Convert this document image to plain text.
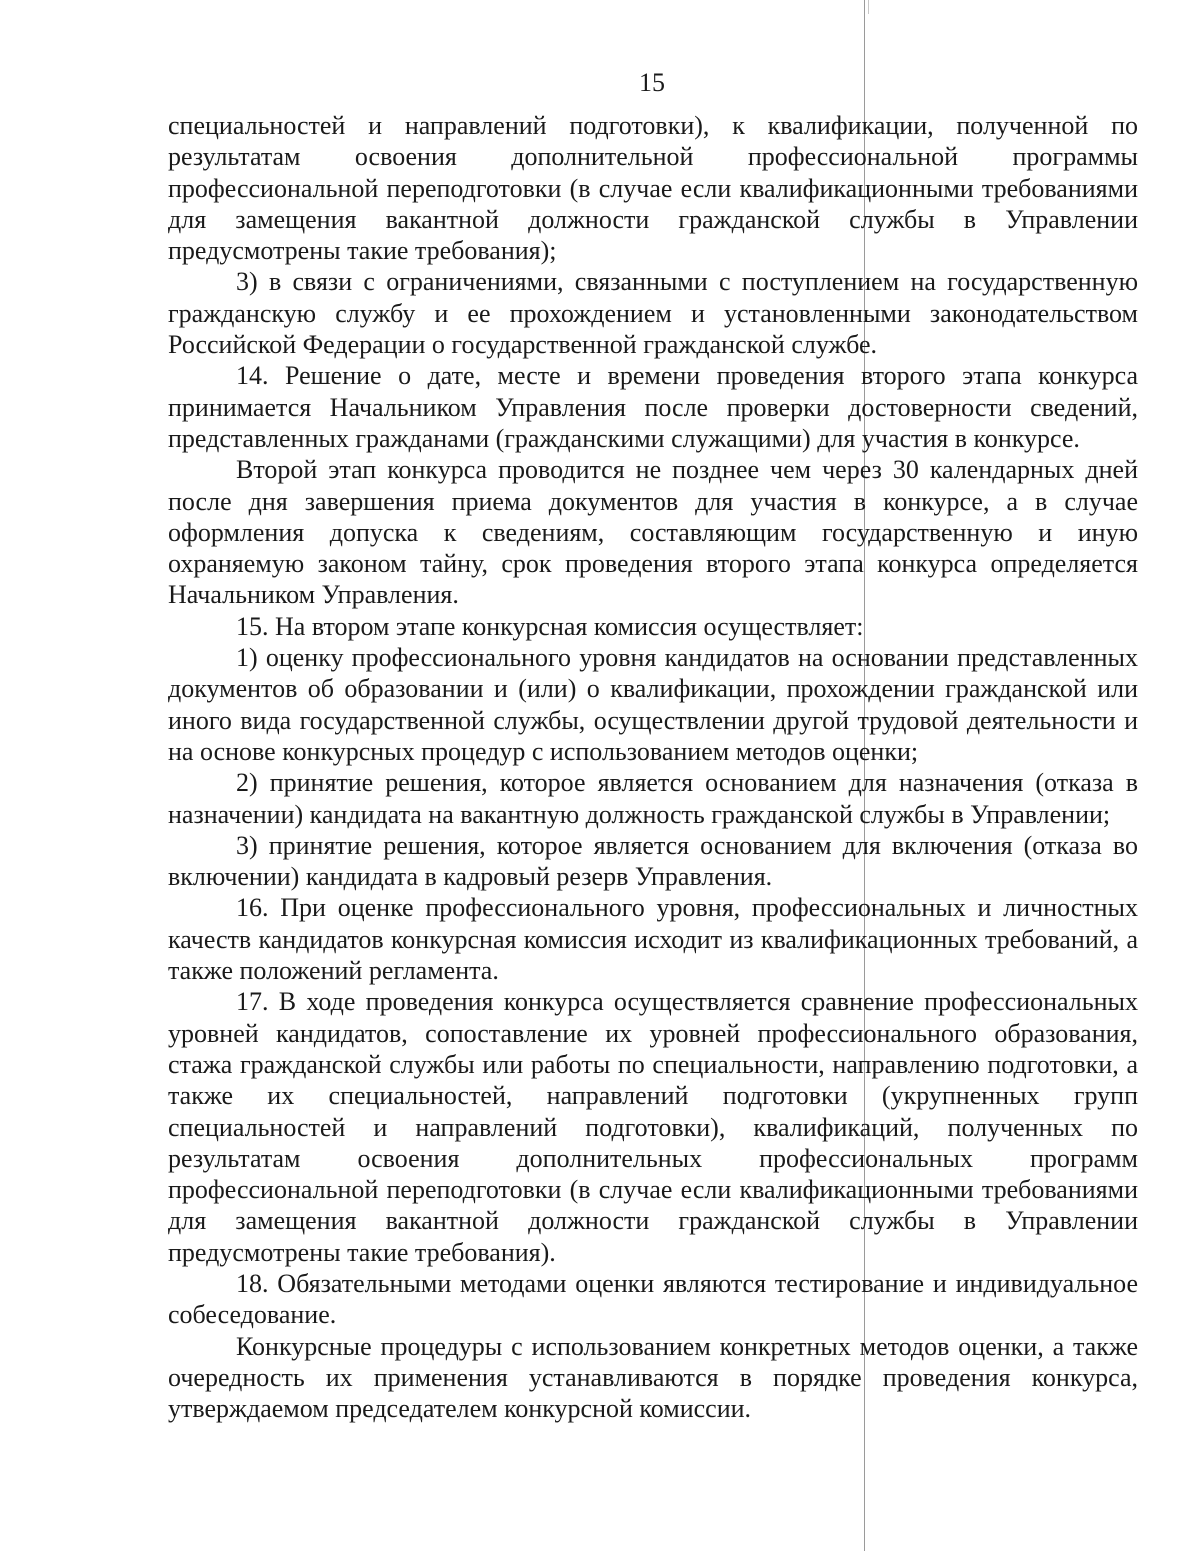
15

специальностей и направлений подготовки), к квалификации, полученной по результатам освоения дополнительной профессиональной программы профессиональной переподготовки (в случае если квалификационными требованиями для замещения вакантной должности гражданской службы в Управлении предусмотрены такие требования);

3) в связи с ограничениями, связанными с поступлением на государственную гражданскую службу и ее прохождением и установленными законодательством Российской Федерации о государственной гражданской службе.

14. Решение о дате, месте и времени проведения второго этапа конкурса принимается Начальником Управления после проверки достоверности сведений, представленных гражданами (гражданскими служащими) для участия в конкурсе.

Второй этап конкурса проводится не позднее чем через 30 календарных дней после дня завершения приема документов для участия в конкурсе, а в случае оформления допуска к сведениям, составляющим государственную и иную охраняемую законом тайну, срок проведения второго этапа конкурса определяется Начальником Управления.

15. На втором этапе конкурсная комиссия осуществляет:

1) оценку профессионального уровня кандидатов на основании представленных документов об образовании и (или) о квалификации, прохождении гражданской или иного вида государственной службы, осуществлении другой трудовой деятельности и на основе конкурсных процедур с использованием методов оценки;

2) принятие решения, которое является основанием для назначения (отказа в назначении) кандидата на вакантную должность гражданской службы в Управлении;

3) принятие решения, которое является основанием для включения (отказа во включении) кандидата в кадровый резерв Управления.

16. При оценке профессионального уровня, профессиональных и личностных качеств кандидатов конкурсная комиссия исходит из квалификационных требований, а также положений регламента.

17. В ходе проведения конкурса осуществляется сравнение профессиональных уровней кандидатов, сопоставление их уровней профессионального образования, стажа гражданской службы или работы по специальности, направлению подготовки, а также их специальностей, направлений подготовки (укрупненных групп специальностей и направлений подготовки), квалификаций, полученных по результатам освоения дополнительных профессиональных программ профессиональной переподготовки (в случае если квалификационными требованиями для замещения вакантной должности гражданской службы в Управлении предусмотрены такие требования).

18. Обязательными методами оценки являются тестирование и индивидуальное собеседование.

Конкурсные процедуры с использованием конкретных методов оценки, а также очередность их применения устанавливаются в порядке проведения конкурса, утверждаемом председателем конкурсной комиссии.
